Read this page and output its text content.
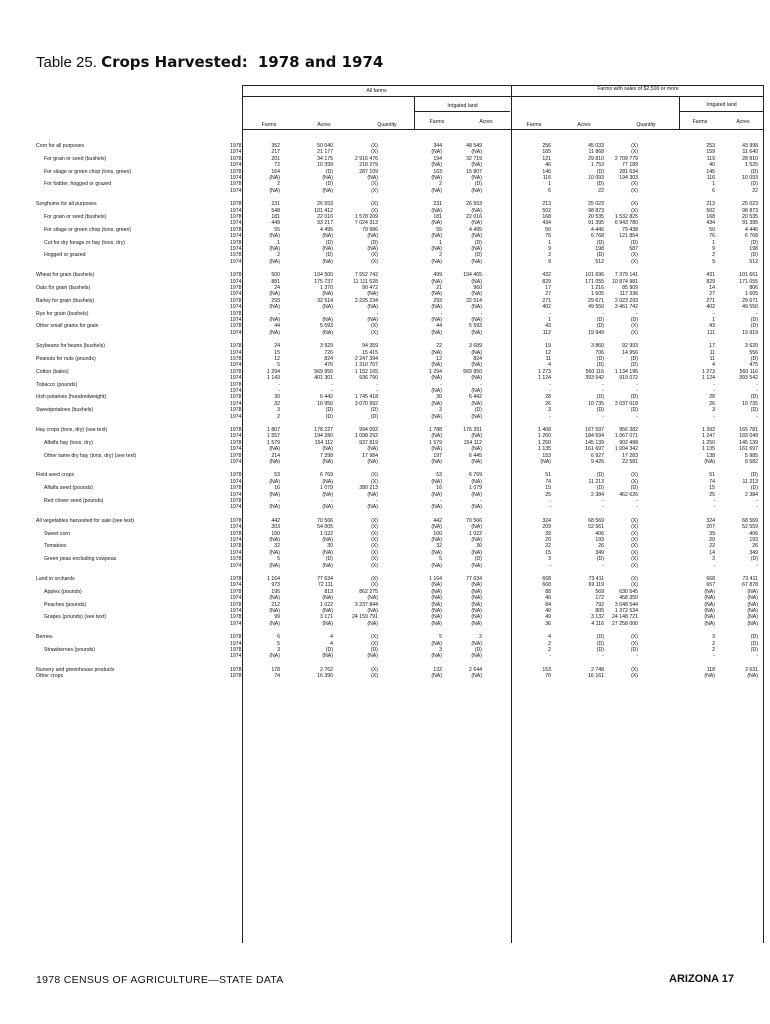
Table 25. Crops Harvested: 1978 and 1974
All farms	Farms with sales of $2,500 or more
Irrigated land	Irrigated land
Farms	Acres	Quantity	Farms	Acres	Farms	Acres	Quantity	Farms	Acres
Corn for all purposes	1978	352	50 040	(X)	344	48 549	256	45 033	(X)	253	43 998
1974	217	21 177	(X)	(NA)	(NA)	165	11 868	(X)	159	11 640
For grain or seed (bushels)	1978	201	34 175	2 916 476	194	32 719	121	29 810	2 709 779	119	28 810
1974	72	10 399	218 279	(NA)	(NA)	46	1 753	77 189	40	1 525
For silage or green chop (tons, green)	1978	164	(D)	287 109	163	15 807	146	(D)	281 634	145	(D)
1974	(NA)	(NA)	(NA)	(NA)	(NA)	116	10 093	194 303	116	10 093
For fodder, hogged or grazed	1978	2	(D)	(X)	2	(D)	1	(D)	(X)	1	(D)
1974	(NA)	(NA)	(X)	(NA)	(NA)	6	22	(X)	6	22
Sorghums for all purposes	1978	231	26 553	(X)	231	26 553	213	25 023	(X)	213	25 023
1974	548	101 412	(X)	(NA)	(NA)	502	98 873	(X)	502	98 873
For grain or seed (bushels)	1978	181	22 016	1 578 209	181	22 016	168	20 535	1 532 825	168	20 535
1974	449	93 217	7 024 313	(NA)	(NA)	434	91 395	6 943 780	434	91 395
For silage or green chop (tons, green)	1978	55	4 495	79 986	55	4 495	50	4 446	79 438	50	4 446
1974	(NA)	(NA)	(NA)	(NA)	(NA)	76	6 768	121 854	76	6 768
Cut for dry forage or hay (tons, dry)	1978	1	(D)	(D)	1	(D)	1	(D)	(D)	1	(D)
1974	(NA)	(NA)	(NA)	(NA)	(NA)	9	198	587	9	198
Hogged or grazed	1978	2	(D)	(X)	2	(D)	2	(D)	(X)	2	(D)
1974	(NA)	(NA)	(X)	(NA)	(NA)	9	512	(X)	9	512
Wheat for grain (bushels)	1978	500	104 500	7 552 742	499	104 465	432	101 696	7 379 141	431	101 661
1974	881	175 737	11 111 528	(NA)	(NA)	829	171 055	10 874 981	829	171 055
Oats for grain (bushels)	1978	24	1 370	90 472	21	960	17	1 216	85 909	14	806
1974	(NA)	(NA)	(NA)	(NA)	(NA)	27	1 605	117 336	27	1 605
Barley for grain (bushels)	1978	293	32 514	2 225 234	293	32 514	271	29 671	2 023 293	271	29 671
1974	(NA)	(NA)	(NA)	(NA)	(NA)	402	49 550	3 461 742	402	49 550
Rye for grain (bushels)	1978	-	-	-	-	-	-	-	-	-	-
1974	(NA)	(NA)	(NA)	(NA)	(NA)	1	(D)	(D)	1	(D)
Other small grains for grain	1978	44	5 593	(X)	44	5 593	43	(D)	(X)	43	(D)
1974	(NA)	(NA)	(X)	(NA)	(NA)	112	19 949	(X)	111	19 919
Soybeans for beans (bushels)	1978	24	3 929	94 359	22	3 689	19	3 860	92 993	17	3 620
1974	15	726	15 415	(NA)	(NA)	12	706	14 956	11	556
Peanuts for nuts (pounds)	1978	12	824	2 247 394	12	824	11	(D)	(D)	11	(D)
1974	5	476	1 310 707	(NA)	(NA)	4	(D)	(D)	4	475
Cotton (bales)	1978	1 294	569 950	1 152 165	1 294	569 950	1 273	560 116	1 134 196	1 273	560 116
1974	1 143	401 301	936 790	(NA)	(NA)	1 124	393 542	919 072	1 124	393 542
Tobacco (pounds)	1978	-	-	-	-	-	-	-	-	-	-
1974	-	-	-	(NA)	(NA)	-	-	-	-	-
Irish potatoes (hundredweight)	1978	30	6 442	1 745 418	30	6 442	28	(D)	(D)	28	(D)
1974	32	10 950	3 070 992	(NA)	(NA)	26	10 735	3 037 018	26	10 735
Sweetpotatoes (bushels)	1978	3	(D)	(D)	3	(D)	3	(D)	(D)	3	(D)
1974	2	(D)	(D)	(NA)	(NA)	-	-	-	-	-
Hay crops (tons, dry) (see text)	1978	1 807	178 227	994 092	1 788	176 391	1 408	167 597	956 382	1 392	165 781
1974	1 557	194 280	1 098 292	(NA)	(NA)	1 260	184 594	1 067 071	1 247	183 049
Alfalfa hay (tons, dry)	1978	1 579	154 112	937 819	1 579	154 112	1 250	145 139	902 498	1 250	145 139
1974	(NA)	(NA)	(NA)	(NA)	(NA)	1 135	161 697	1 004 342	1 135	161 697
Other tame dry hay (tons, dry) (see text)	1978	214	7 398	17 984	197	6 445	153	6 927	17 283	138	5 985
1974	(NA)	(NA)	(NA)	(NA)	(NA)	(NA)	9 426	22 581	(NA)	8 582
Field seed crops	1978	53	6 769	(X)	53	6 769	51	(D)	(X)	51	(D)
1974	(NA)	(NA)	(X)	(NA)	(NA)	74	11 213	(X)	74	11 213
Alfalfa seed (pounds)	1978	16	1 079	380 213	16	1 079	15	(D)	(D)	15	(D)
1974	(NA)	(NA)	(NA)	(NA)	(NA)	25	2 384	462 626	25	2 384
Red clover seed (pounds)	1978	-	-	-	-	-	-	-	-	-	-
1974	(NA)	(NA)	(NA)	(NA)	(NA)	-	-	-	-	-
All vegetables harvested for sale (see text)	1978	442	70 566	(X)	442	70 566	324	68 569	(X)	324	68 569
1974	303	54 005	(X)	(NA)	(NA)	209	52 561	(X)	207	52 559
Sweet corn	1978	100	1 022	(X)	100	1 022	39	406	(X)	39	406
1974	(NA)	(NA)	(X)	(NA)	(NA)	20	193	(X)	20	193
Tomatoes	1978	32	30	(X)	32	30	22	26	(X)	22	26
1974	(NA)	(NA)	(X)	(NA)	(NA)	15	349	(X)	14	349
Green peas excluding cowpeas	1978	5	(D)	(X)	5	(D)	3	(D)	(X)	3	(D)
1974	(NA)	(NA)	(X)	(NA)	(NA)	-	-	(X)	-	-
Land in orchards	1978	1 164	77 634	(X)	1 164	77 634	668	73 411	(X)	668	73 411
1974	973	72 111	(X)	(NA)	(NA)	668	69 119	(X)	657	67 878
Apples (pounds)	1978	195	813	862 275	(NA)	(NA)	88	569	630 545	(NA)	(NA)
1974	(NA)	(NA)	(NA)	(NA)	(NA)	40	172	458 350	(NA)	(NA)
Peaches (pounds)	1978	212	1 022	3 237 844	(NA)	(NA)	84	792	3 048 544	(NA)	(NA)
1974	(NA)	(NA)	(NA)	(NA)	(NA)	40	805	1 372 534	(NA)	(NA)
Grapes (pounds) (see text)	1978	99	3 171	24 159 791	(NA)	(NA)	49	3 132	24 148 721	(NA)	(NA)
1974	(NA)	(NA)	(NA)	(NA)	(NA)	36	4 116	27 258 000	(NA)	(NA)
Berries	1978	6	4	(X)	5	2	4	(D)	(X)	3	(D)
1974	5	4	(X)	(NA)	(NA)	2	(D)	(X)	2	(D)
Strawberries (pounds)	1978	3	(D)	(D)	3	(D)	2	(D)	(D)	2	(D)
1974	(NA)	(NA)	(NA)	(NA)	(NA)	-	-	-	-	-
Nursery and greenhouse products	1978	178	2 762	(X)	132	2 644	153	2 748	(X)	118	2 631
Other crops	1978	74	16 390	(X)	(NA)	(NA)	70	16 161	(X)	(NA)	(NA)
1978 CENSUS OF AGRICULTURE—STATE DATA	ARIZONA 17
